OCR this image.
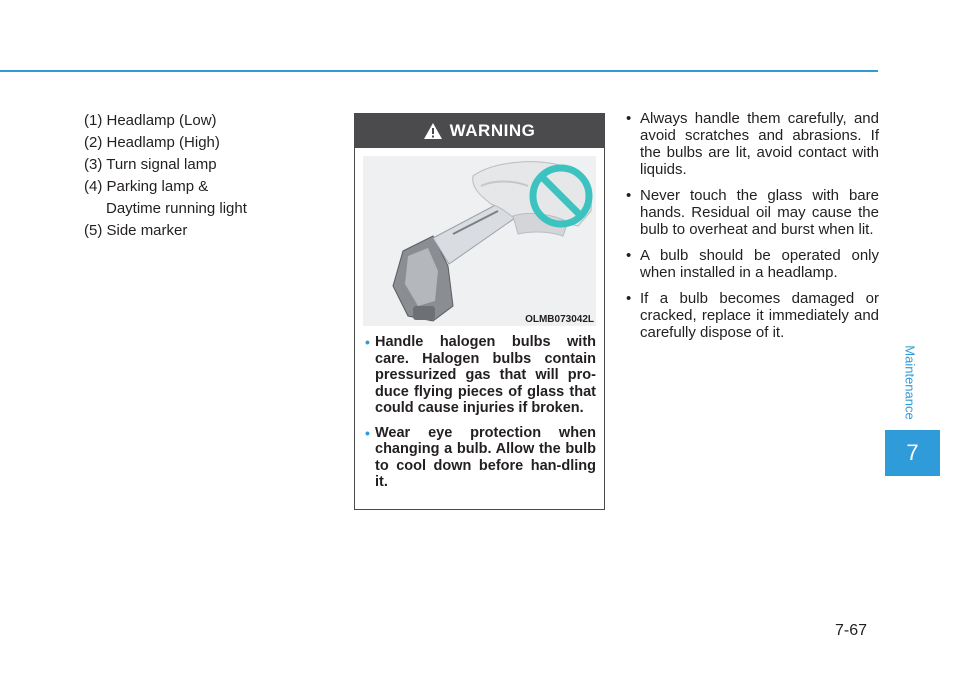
(1) Headlamp (Low)
(2) Headlamp (High)
(3) Turn signal lamp
(4) Parking lamp &
Daytime running light
(5) Side marker
WARNING
OLMB073042L
• Handle halogen bulbs with care. Halogen bulbs contain pressurized gas that will pro-duce flying pieces of glass that could cause injuries if broken.
• Wear eye protection when changing a bulb. Allow the bulb to cool down before han-dling it.
• Always handle them carefully, and avoid scratches and abrasions. If the bulbs are lit, avoid contact with liquids.
• Never touch the glass with bare hands. Residual oil may cause the bulb to overheat and burst when lit.
• A bulb should be operated only when installed in a headlamp.
• If a bulb becomes damaged or cracked, replace it immediately and carefully dispose of it.
Maintenance
7
7-67
